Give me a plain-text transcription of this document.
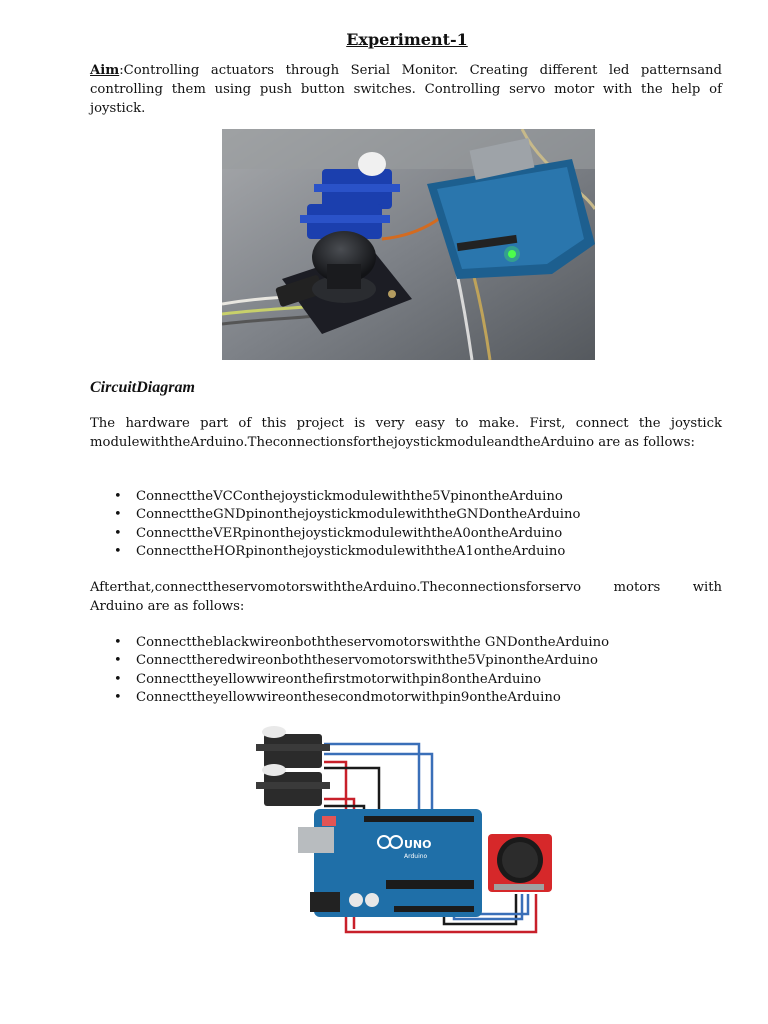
Experiment-1

Aim:Controlling actuators through Serial Monitor. Creating different led patternsand controlling them using push button switches. Controlling servo motor with the help of joystick.

CircuitDiagram

The hardware part of this project is very easy to make. First, connect the joystick modulewiththeArduino.TheconnectionsforthejoystickmoduleandtheArduino are as follows:

• ConnecttheVCConthejoystickmodulewiththe5VpinontheArduino
• ConnecttheGNDpinonthejoystickmodulewiththeGNDontheArduino
• ConnecttheVERpinonthejoystickmodulewiththeA0ontheArduino
• ConnecttheHORpinonthejoystickmodulewiththeA1ontheArduino

Afterthat,connecttheservomotorswiththeArduino.Theconnectionsforservo motors with Arduino are as follows:

• Connecttheblackwireonboththeservomotorswiththe GNDontheArduino
• Connecttheredwireonboththeservomotorswiththe5VpinontheArduino
• Connecttheyellowwireonthefirstmotorwithpin8ontheArduino
• Connecttheyellowwireonthesecondmotorwithpin9ontheArduino
UNO
Arduino
